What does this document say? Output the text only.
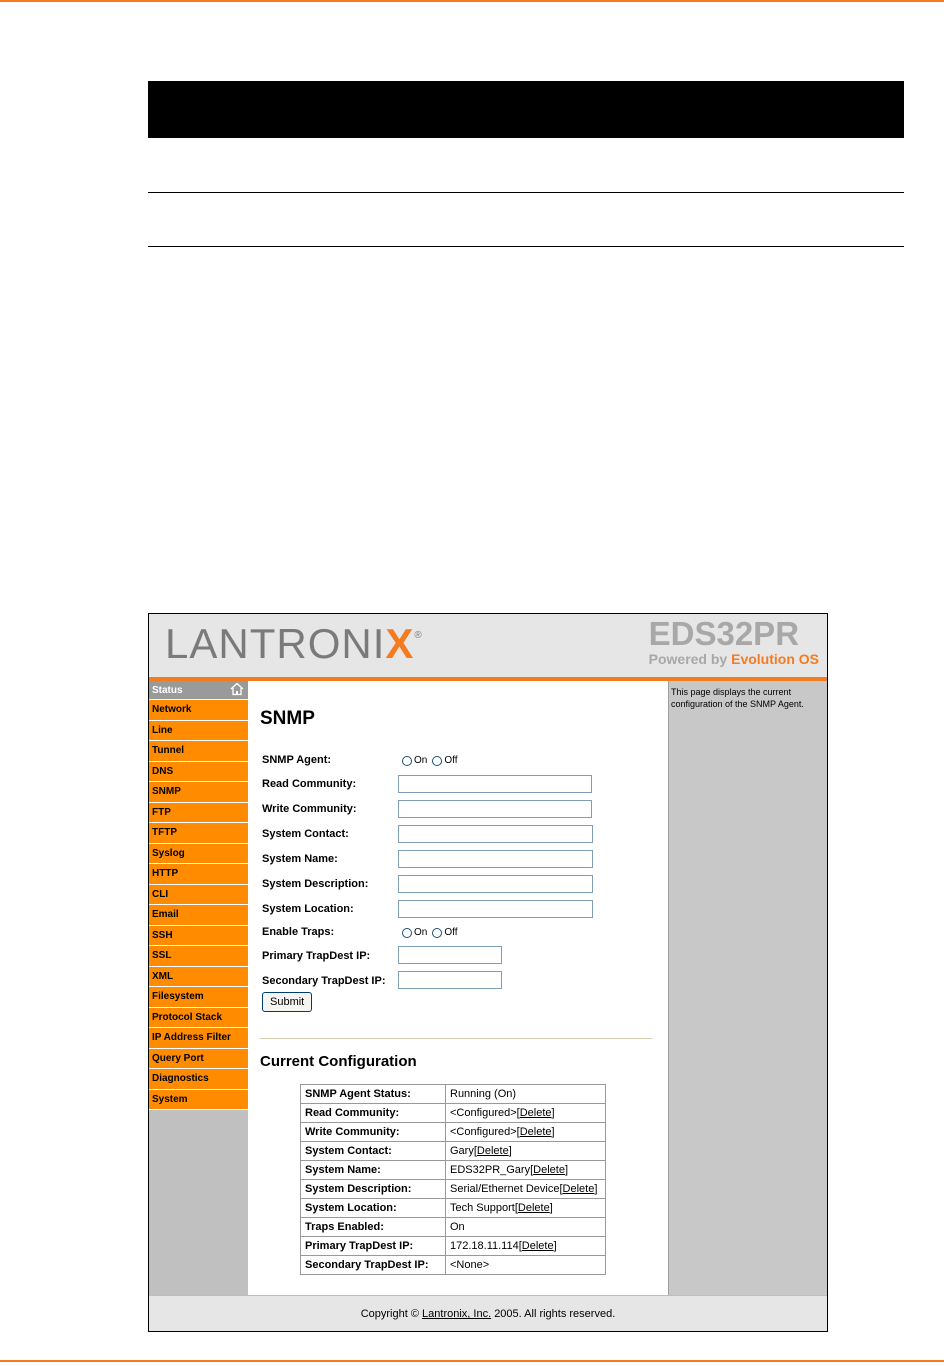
LANTRONIX®	EDS32PR
Powered by Evolution OS
Status
Network
Line
Tunnel
DNS
SNMP
FTP
TFTP
Syslog
HTTP
CLI
Email
SSH
SSL
XML
Filesystem
Protocol Stack
IP Address Filter
Query Port
Diagnostics
System
SNMP
SNMP Agent:	On Off
Read Community:
Write Community:
System Contact:
System Name:
System Description:
System Location:
Enable Traps:	On Off
Primary TrapDest IP:
Secondary TrapDest IP:
Submit
Current Configuration
SNMP Agent Status:	Running (On)
Read Community:	<Configured>[Delete]
Write Community:	<Configured>[Delete]
System Contact:	Gary[Delete]
System Name:	EDS32PR_Gary[Delete]
System Description:	Serial/Ethernet Device[Delete]
System Location:	Tech Support[Delete]
Traps Enabled:	On
Primary TrapDest IP:	172.18.11.114[Delete]
Secondary TrapDest IP:	<None>
This page displays the current configuration of the SNMP Agent.
Copyright © Lantronix, Inc. 2005. All rights reserved.
